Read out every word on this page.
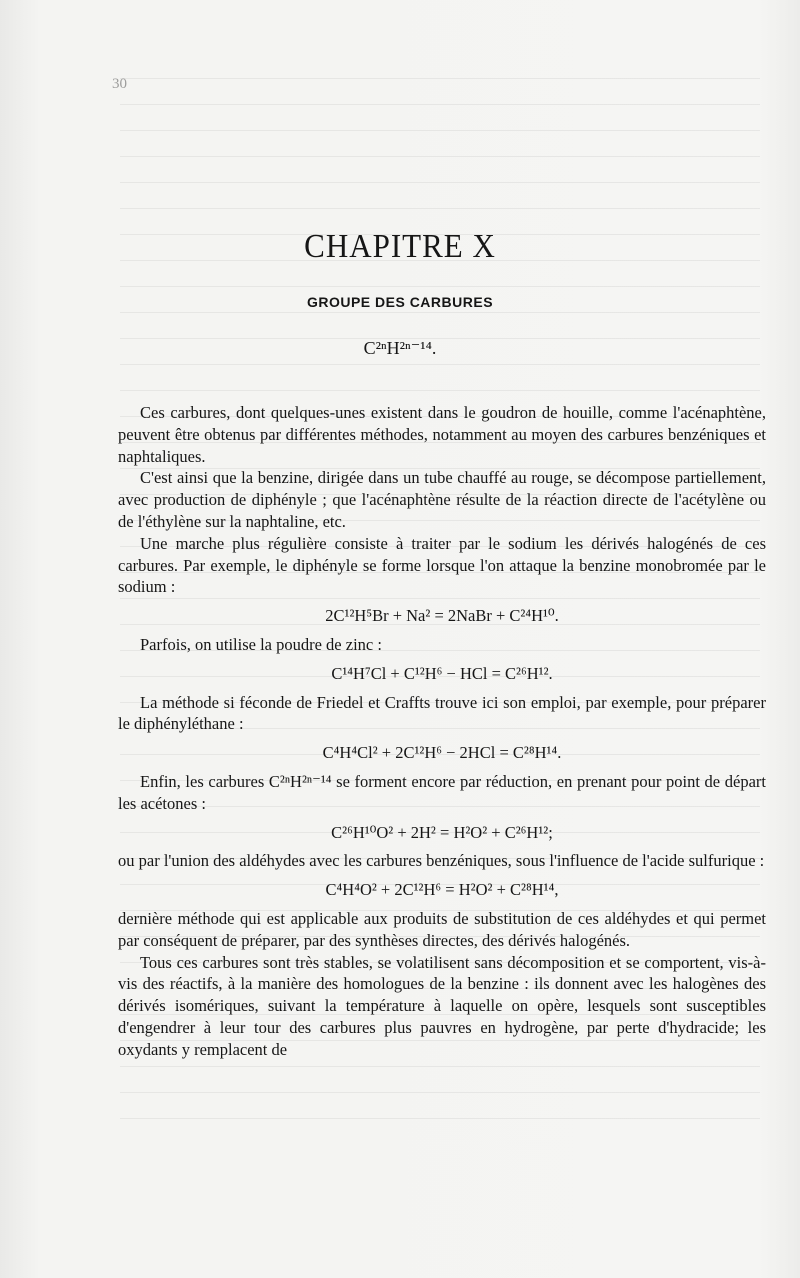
30
CHAPITRE X
GROUPE DES CARBURES
C²ⁿH²ⁿ⁻¹⁴.

Ces carbures, dont quelques-unes existent dans le goudron de houille, comme l'acénaphtène, peuvent être obtenus par différentes méthodes, notamment au moyen des carbures benzéniques et naphtaliques.

C'est ainsi que la benzine, dirigée dans un tube chauffé au rouge, se décompose partiellement, avec production de diphényle ; que l'acénaphtène résulte de la réaction directe de l'acétylène ou de l'éthylène sur la naphtaline, etc.

Une marche plus régulière consiste à traiter par le sodium les dérivés halogénés de ces carbures. Par exemple, le diphényle se forme lorsque l'on attaque la benzine monobromée par le sodium :

2C¹²H⁵Br + Na² = 2NaBr + C²⁴H¹⁰.

Parfois, on utilise la poudre de zinc :

C¹⁴H⁷Cl + C¹²H⁶ − HCl = C²⁶H¹².

La méthode si féconde de Friedel et Craffts trouve ici son emploi, par exemple, pour préparer le diphényléthane :

C⁴H⁴Cl² + 2C¹²H⁶ − 2HCl = C²⁸H¹⁴.

Enfin, les carbures C²ⁿH²ⁿ⁻¹⁴ se forment encore par réduction, en prenant pour point de départ les acétones :

C²⁶H¹⁰O² + 2H² = H²O² + C²⁶H¹²;

ou par l'union des aldéhydes avec les carbures benzéniques, sous l'influence de l'acide sulfurique :

C⁴H⁴O² + 2C¹²H⁶ = H²O² + C²⁸H¹⁴,

dernière méthode qui est applicable aux produits de substitution de ces aldéhydes et qui permet par conséquent de préparer, par des synthèses directes, des dérivés halogénés.

Tous ces carbures sont très stables, se volatilisent sans décomposition et se comportent, vis-à-vis des réactifs, à la manière des homologues de la benzine : ils donnent avec les halogènes des dérivés isomériques, suivant la température à laquelle on opère, lesquels sont susceptibles d'engendrer à leur tour des carbures plus pauvres en hydrogène, par perte d'hydracide; les oxydants y remplacent de
